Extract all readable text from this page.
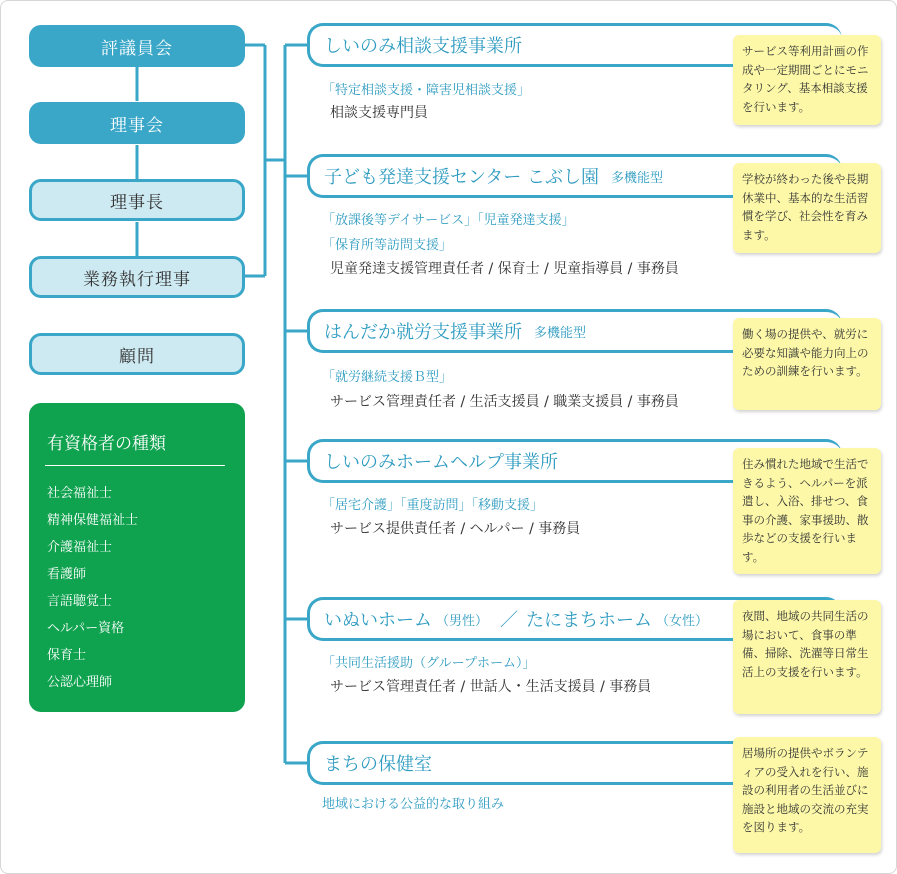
評議員会
理事会
理事長
業務執行理事
顧問
有資格者の種類
社会福祉士
精神保健福祉士
介護福祉士
看護師
言語聴覚士
ヘルパー資格
保育士
公認心理師
しいのみ相談支援事業所
「特定相談支援・障害児相談支援」
相談支援専門員
サービス等利用計画の作成や一定期間ごとにモニタリング、基本相談支援を行います。
子ども発達支援センター こぶし園 多機能型
「放課後等デイサービス」「児童発達支援」
「保育所等訪問支援」
児童発達支援管理責任者 / 保育士 / 児童指導員 / 事務員
学校が終わった後や長期休業中、基本的な生活習慣を学び、社会性を育みます。
はんだか就労支援事業所 多機能型
「就労継続支援Ｂ型」
サービス管理責任者 / 生活支援員 / 職業支援員 / 事務員
働く場の提供や、就労に必要な知識や能力向上のための訓練を行います。
しいのみホームヘルプ事業所
「居宅介護」「重度訪問」「移動支援」
サービス提供責任者 / ヘルパー / 事務員
住み慣れた地域で生活できるよう、ヘルパーを派遣し、入浴、排せつ、食事の介護、家事援助、散歩などの支援を行います。
いぬいホーム （男性） ／ たにまちホーム （女性）
「共同生活援助（グループホーム）」
サービス管理責任者 / 世話人・生活支援員 / 事務員
夜間、地域の共同生活の場において、食事の準備、掃除、洗濯等日常生活上の支援を行います。
まちの保健室
地域における公益的な取り組み
居場所の提供やボランティアの受入れを行い、施設の利用者の生活並びに施設と地域の交流の充実を図ります。
